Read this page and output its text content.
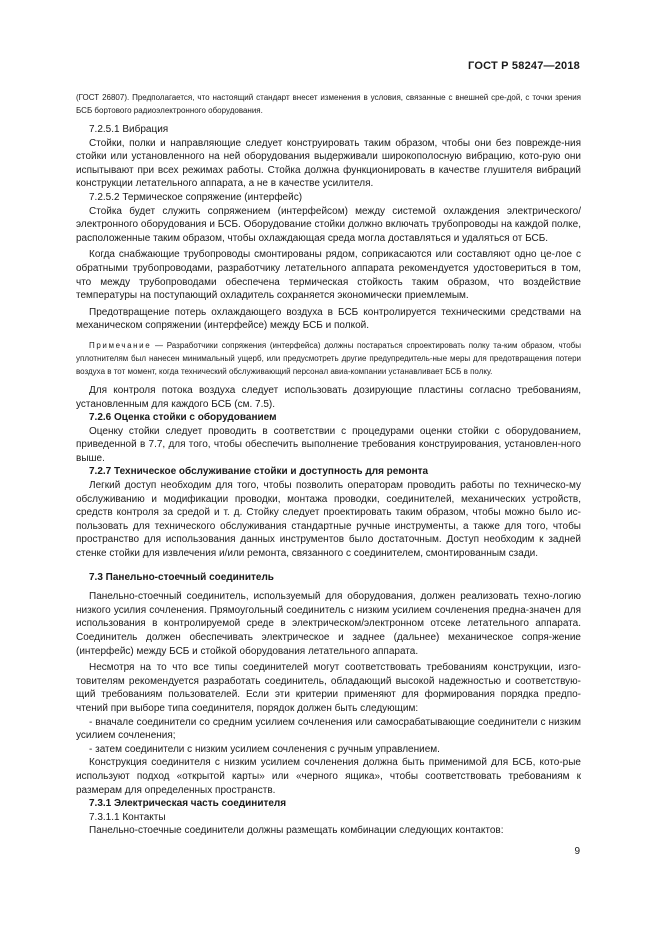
ГОСТ Р 58247—2018

(ГОСТ 26807). Предполагается, что настоящий стандарт внесет изменения в условия, связанные с внешней сре-дой, с точки зрения БСБ бортового радиоэлектронного оборудования.

7.2.5.1 Вибрация

Стойки, полки и направляющие следует конструировать таким образом, чтобы они без поврежде-ния стойки или установленного на ней оборудования выдерживали широкополосную вибрацию, кото-рую они испытывают при всех режимах работы. Стойка должна функционировать в качестве глушителя вибраций конструкции летательного аппарата, а не в качестве усилителя.

7.2.5.2 Термическое сопряжение (интерфейс)

Стойка будет служить сопряжением (интерфейсом) между системой охлаждения электрического/электронного оборудования и БСБ. Оборудование стойки должно включать трубопроводы на каждой полке, расположенные таким образом, чтобы охлаждающая среда могла доставляться и удаляться от БСБ.

Когда снабжающие трубопроводы смонтированы рядом, соприкасаются или составляют одно це-лое с обратными трубопроводами, разработчику летательного аппарата рекомендуется удостовериться в том, что между трубопроводами обеспечена термическая стойкость таким образом, что воздействие температуры на поступающий охладитель сохраняется экономически приемлемым.

Предотвращение потерь охлаждающего воздуха в БСБ контролируется техническими средствами на механическом сопряжении (интерфейсе) между БСБ и полкой.

Примечание — Разработчики сопряжения (интерфейса) должны постараться спроектировать полку та-ким образом, чтобы уплотнителям был нанесен минимальный ущерб, или предусмотреть другие предупредитель-ные меры для предотвращения потери воздуха в тот момент, когда технический обслуживающий персонал авиа-компании устанавливает БСБ в полку.

Для контроля потока воздуха следует использовать дозирующие пластины согласно требованиям, установленным для каждого БСБ (см. 7.5).

7.2.6 Оценка стойки с оборудованием

Оценку стойки следует проводить в соответствии с процедурами оценки стойки с оборудованием, приведенной в 7.7, для того, чтобы обеспечить выполнение требования конструирования, установлен-ного выше.

7.2.7 Техническое обслуживание стойки и доступность для ремонта

Легкий доступ необходим для того, чтобы позволить операторам проводить работы по техническо-му обслуживанию и модификации проводки, монтажа проводки, соединителей, механических устройств, средств контроля за средой и т. д. Стойку следует проектировать таким образом, чтобы можно было ис-пользовать для технического обслуживания стандартные ручные инструменты, а также для того, чтобы пространство для использования данных инструментов было достаточным. Доступ необходим к задней стенке стойки для извлечения и/или ремонта, связанного с соединителем, смонтированным сзади.

7.3 Панельно-стоечный соединитель

Панельно-стоечный соединитель, используемый для оборудования, должен реализовать техно-логию низкого усилия сочленения. Прямоугольный соединитель с низким усилием сочленения предна-значен для использования в контролируемой среде в электрическом/электронном отсеке летательного аппарата. Соединитель должен обеспечивать электрическое и заднее (дальнее) механическое сопря-жение (интерфейс) между БСБ и стойкой оборудования летательного аппарата.

Несмотря на то что все типы соединителей могут соответствовать требованиям конструкции, изго-товителям рекомендуется разработать соединитель, обладающий высокой надежностью и соответствую-щий требованиям пользователей. Если эти критерии применяют для формирования порядка предпо-чтений при выборе типа соединителя, порядок должен быть следующим:

- вначале соединители со средним усилием сочленения или самосрабатывающие соединители с низким усилием сочленения;

- затем соединители с низким усилием сочленения с ручным управлением.

Конструкция соединителя с низким усилием сочленения должна быть применимой для БСБ, кото-рые используют подход «открытой карты» или «черного ящика», чтобы соответствовать требованиям к размерам для определенных пространств.

7.3.1 Электрическая часть соединителя

7.3.1.1 Контакты

Панельно-стоечные соединители должны размещать комбинации следующих контактов:

9
